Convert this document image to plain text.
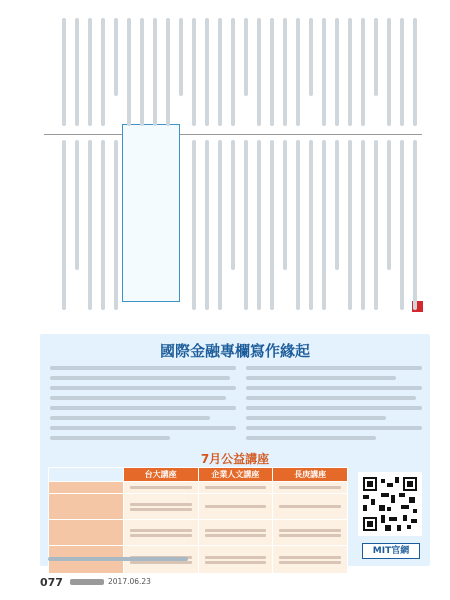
國際金融專欄寫作緣起
7月公益講座
	台大講座	企業人文講座	長庚講座

MIT官網
077	2017.06.23
